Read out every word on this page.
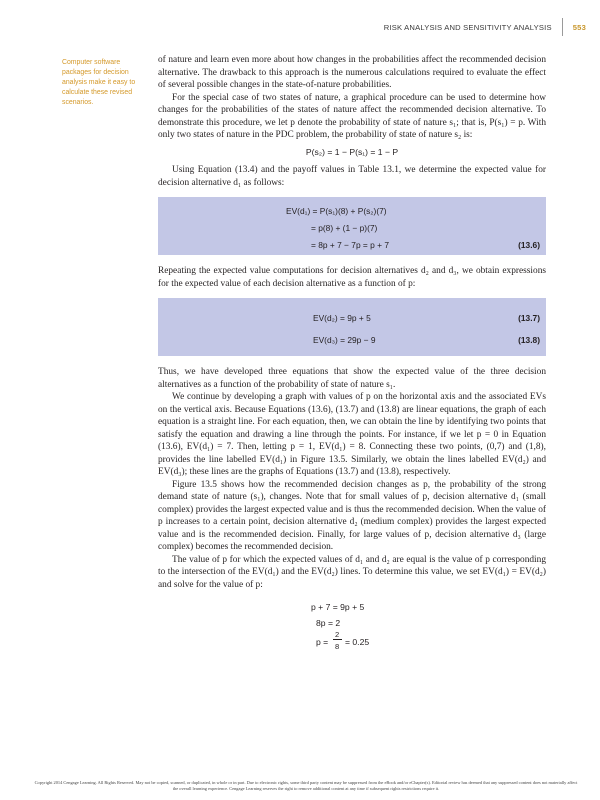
RISK ANALYSIS AND SENSITIVITY ANALYSIS	553
Computer software packages for decision analysis make it easy to calculate these revised scenarios.

of nature and learn even more about how changes in the probabilities affect the recommended decision alternative. The drawback to this approach is the numerous calculations required to evaluate the effect of several possible changes in the state-of-nature probabilities.

For the special case of two states of nature, a graphical procedure can be used to determine how changes for the probabilities of the states of nature affect the recommended decision alternative. To demonstrate this procedure, we let p denote the probability of state of nature s₁; that is, P(s₁) = p. With only two states of nature in the PDC problem, the probability of state of nature s₂ is:

P(s₂) = 1 − P(s₁) = 1 − P

Using Equation (13.4) and the payoff values in Table 13.1, we determine the expected value for decision alternative d₁ as follows:

EV(d₁) = P(s₁)(8) + P(s₂)(7)
= p(8) + (1 − p)(7)
= 8p + 7 − 7p = p + 7	(13.6)

Repeating the expected value computations for decision alternatives d₂ and d₃, we obtain expressions for the expected value of each decision alternative as a function of p:

EV(d₂) = 9p + 5	(13.7)
EV(d₃) = 29p − 9	(13.8)

Thus, we have developed three equations that show the expected value of the three decision alternatives as a function of the probability of state of nature s₁.

We continue by developing a graph with values of p on the horizontal axis and the associated EVs on the vertical axis. Because Equations (13.6), (13.7) and (13.8) are linear equations, the graph of each equation is a straight line. For each equation, then, we can obtain the line by identifying two points that satisfy the equation and drawing a line through the points. For instance, if we let p = 0 in Equation (13.6), EV(d₁) = 7. Then, letting p = 1, EV(d₁) = 8. Connecting these two points, (0,7) and (1,8), provides the line labelled EV(d₁) in Figure 13.5. Similarly, we obtain the lines labelled EV(d₂) and EV(d₃); these lines are the graphs of Equations (13.7) and (13.8), respectively.

Figure 13.5 shows how the recommended decision changes as p, the probability of the strong demand state of nature (s₁), changes. Note that for small values of p, decision alternative d₁ (small complex) provides the largest expected value and is thus the recommended decision. When the value of p increases to a certain point, decision alternative d₂ (medium complex) provides the largest expected value and is the recommended decision. Finally, for large values of p, decision alternative d₃ (large complex) becomes the recommended decision.

The value of p for which the expected values of d₁ and d₂ are equal is the value of p corresponding to the intersection of the EV(d₁) and the EV(d₂) lines. To determine this value, we set EV(d₁) = EV(d₂) and solve for the value of p:

p + 7 = 9p + 5
8p = 2
p =
2
8 = 0.25
Copyright 2014 Cengage Learning. All Rights Reserved. May not be copied, scanned, or duplicated, in whole or in part. Due to electronic rights, some third party content may be suppressed from the eBook and/or eChapter(s). Editorial review has deemed that any suppressed content does not materially affect the overall learning experience. Cengage Learning reserves the right to remove additional content at any time if subsequent rights restrictions require it.
